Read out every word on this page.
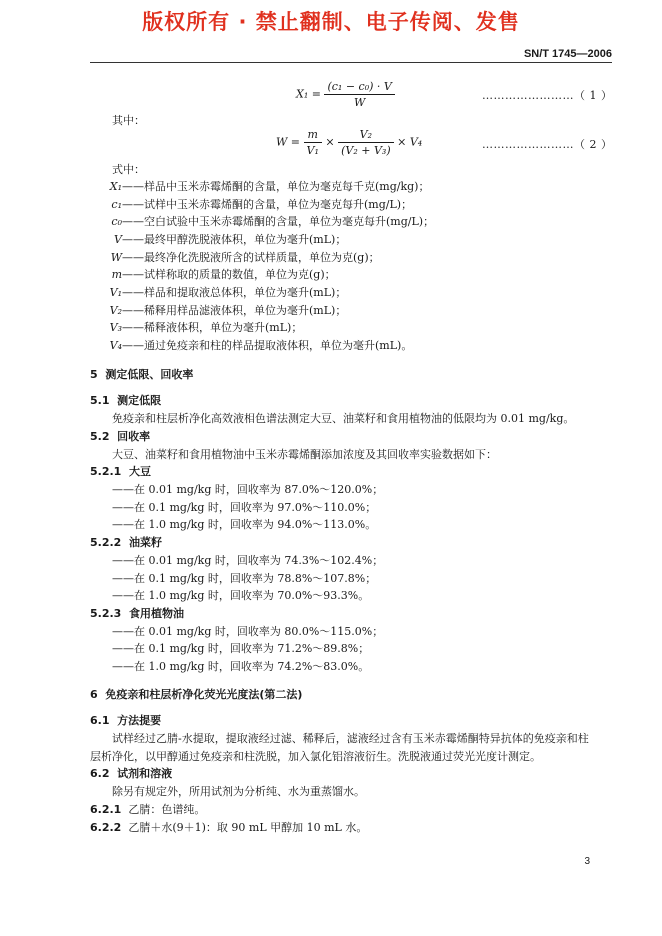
版权所有 · 禁止翻制、电子传阅、发售
SN/T 1745—2006
$X_1 = \frac{\text{(c₁ − c₀) · V}}{W}$	……………………（ 1 ）
其中：
$W = \frac{m}{\text{V₁}} \times \frac{\text{V₂}}{\text{(V₂ + V₃)}} \times V_4$	……………………（ 2 ）
式中：
X₁——样品中玉米赤霉烯酮的含量，单位为毫克每千克(mg/kg)；
c₁——试样中玉米赤霉烯酮的含量，单位为毫克每升(mg/L)；
c₀——空白试验中玉米赤霉烯酮的含量，单位为毫克每升(mg/L)；
V——最终甲醇洗脱液体积，单位为毫升(mL)；
W——最终净化洗脱液所含的试样质量，单位为克(g)；
m——试样称取的质量的数值，单位为克(g)；
V₁——样品和提取液总体积，单位为毫升(mL)；
V₂——稀释用样品滤液体积，单位为毫升(mL)；
V₃——稀释液体积，单位为毫升(mL)；
V₄——通过免疫亲和柱的样品提取液体积，单位为毫升(mL)。
5 测定低限、回收率
5.1 测定低限
免疫亲和柱层析净化高效液相色谱法测定大豆、油菜籽和食用植物油的低限均为 0.01 mg/kg。
5.2 回收率
大豆、油菜籽和食用植物油中玉米赤霉烯酮添加浓度及其回收率实验数据如下：
5.2.1 大豆
——在 0.01 mg/kg 时，回收率为 87.0%～120.0%；
——在 0.1 mg/kg 时，回收率为 97.0%～110.0%；
——在 1.0 mg/kg 时，回收率为 94.0%～113.0%。
5.2.2 油菜籽
——在 0.01 mg/kg 时，回收率为 74.3%～102.4%；
——在 0.1 mg/kg 时，回收率为 78.8%～107.8%；
——在 1.0 mg/kg 时，回收率为 70.0%～93.3%。
5.2.3 食用植物油
——在 0.01 mg/kg 时，回收率为 80.0%～115.0%；
——在 0.1 mg/kg 时，回收率为 71.2%～89.8%；
——在 1.0 mg/kg 时，回收率为 74.2%～83.0%。
6 免疫亲和柱层析净化荧光光度法(第二法)
6.1 方法提要
试样经过乙腈-水提取，提取液经过滤、稀释后，滤液经过含有玉米赤霉烯酮特异抗体的免疫亲和柱
层析净化，以甲醇通过免疫亲和柱洗脱，加入氯化铝溶液衍生。洗脱液通过荧光光度计测定。
6.2 试剂和溶液
除另有规定外，所用试剂为分析纯、水为重蒸馏水。
6.2.1 乙腈：色谱纯。
6.2.2 乙腈＋水(9＋1)：取 90 mL 甲醇加 10 mL 水。
3
